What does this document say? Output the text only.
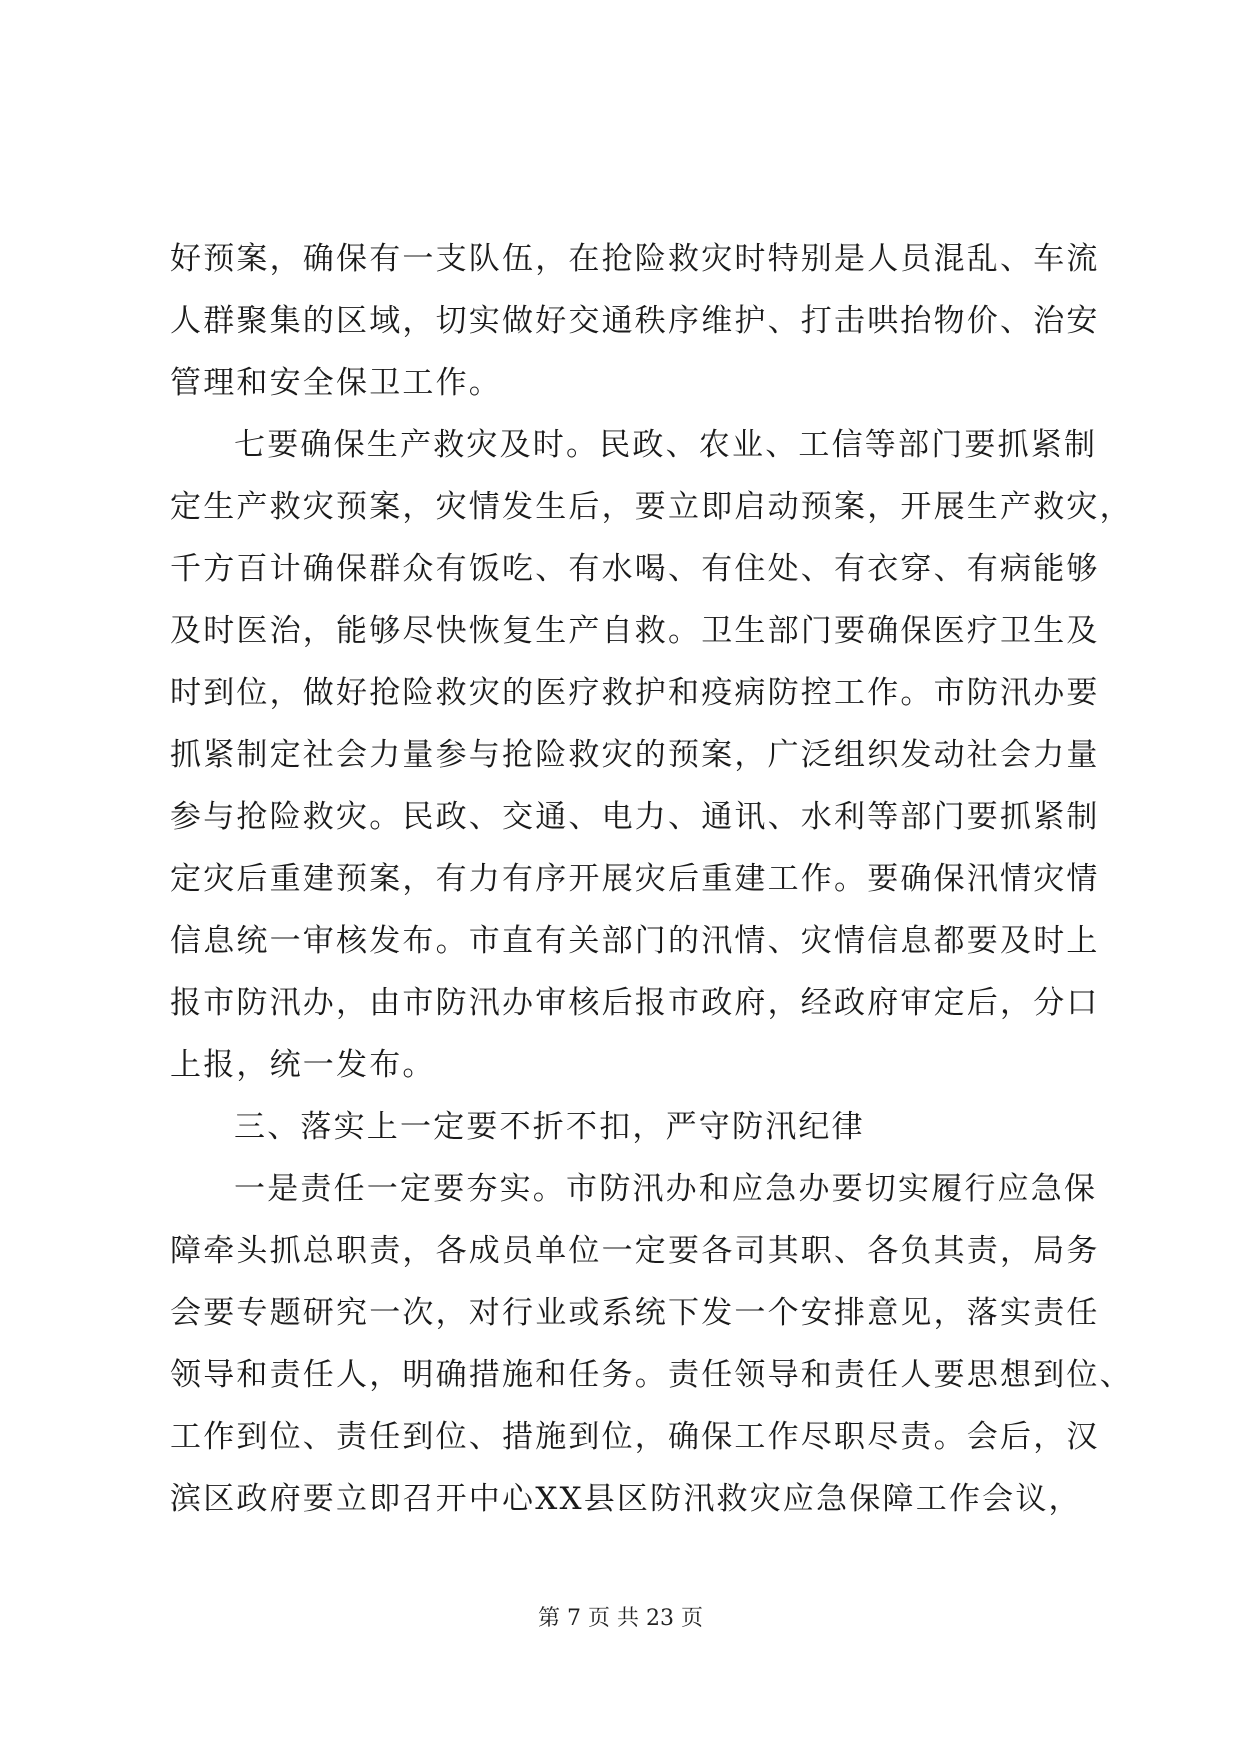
好预案，确保有一支队伍，在抢险救灾时特别是人员混乱、车流
人群聚集的区域，切实做好交通秩序维护、打击哄抬物价、治安
管理和安全保卫工作。
七要确保生产救灾及时。民政、农业、工信等部门要抓紧制
定生产救灾预案，灾情发生后，要立即启动预案，开展生产救灾，
千方百计确保群众有饭吃、有水喝、有住处、有衣穿、有病能够
及时医治，能够尽快恢复生产自救。卫生部门要确保医疗卫生及
时到位，做好抢险救灾的医疗救护和疫病防控工作。市防汛办要
抓紧制定社会力量参与抢险救灾的预案，广泛组织发动社会力量
参与抢险救灾。民政、交通、电力、通讯、水利等部门要抓紧制
定灾后重建预案，有力有序开展灾后重建工作。要确保汛情灾情
信息统一审核发布。市直有关部门的汛情、灾情信息都要及时上
报市防汛办，由市防汛办审核后报市政府，经政府审定后，分口
上报，统一发布。
三、落实上一定要不折不扣，严守防汛纪律
一是责任一定要夯实。市防汛办和应急办要切实履行应急保
障牵头抓总职责，各成员单位一定要各司其职、各负其责，局务
会要专题研究一次，对行业或系统下发一个安排意见，落实责任
领导和责任人，明确措施和任务。责任领导和责任人要思想到位、
工作到位、责任到位、措施到位，确保工作尽职尽责。会后，汉
滨区政府要立即召开中心XX县区防汛救灾应急保障工作会议，
第 7 页 共 23 页
